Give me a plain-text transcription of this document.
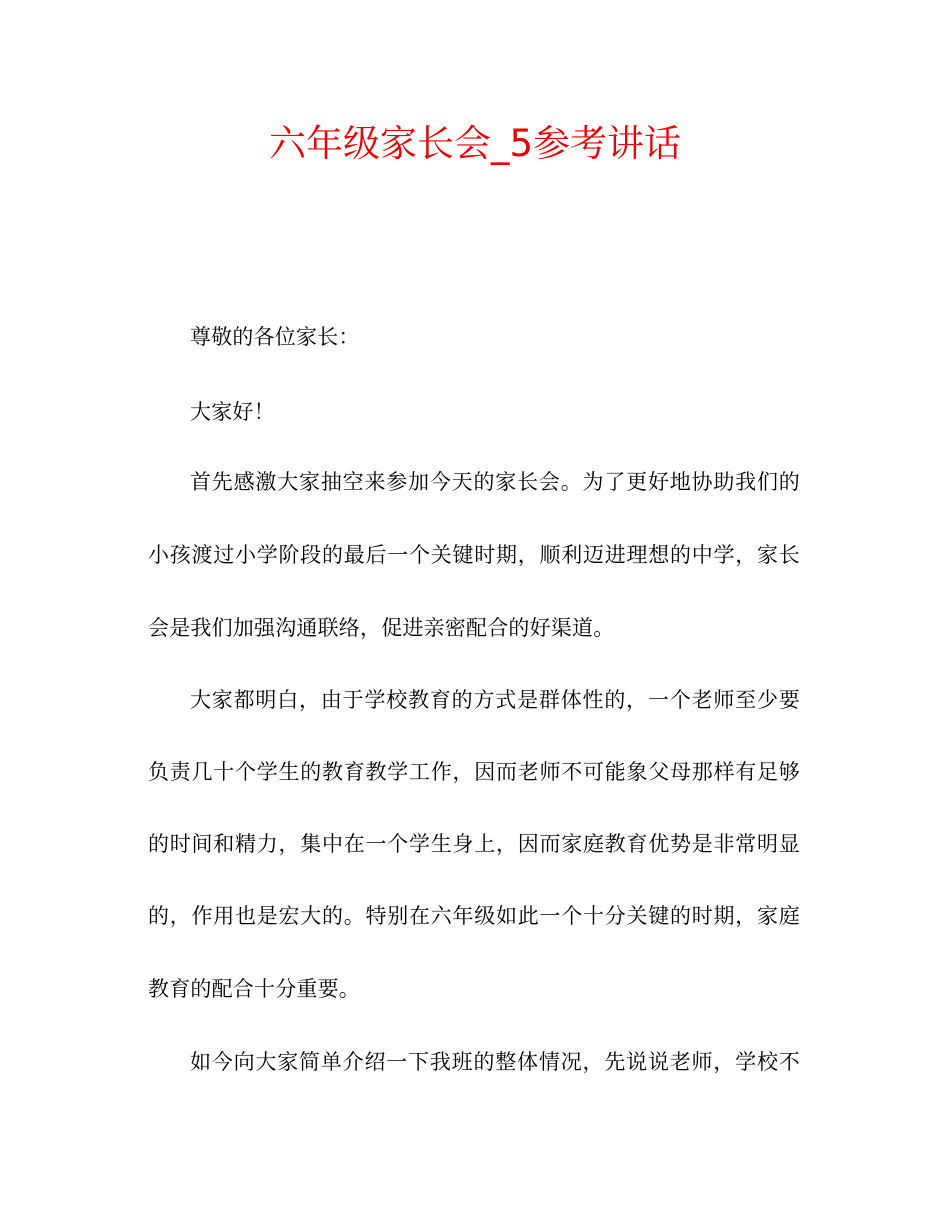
六年级家长会_5参考讲话

尊敬的各位家长：

大家好！

首先感激大家抽空来参加今天的家长会。为了更好地协助我们的

小孩渡过小学阶段的最后一个关键时期，顺利迈进理想的中学，家长

会是我们加强沟通联络，促进亲密配合的好渠道。

大家都明白，由于学校教育的方式是群体性的，一个老师至少要

负责几十个学生的教育教学工作，因而老师不可能象父母那样有足够

的时间和精力，集中在一个学生身上，因而家庭教育优势是非常明显

的，作用也是宏大的。特别在六年级如此一个十分关键的时期，家庭

教育的配合十分重要。

如今向大家简单介绍一下我班的整体情况，先说说老师，学校不
